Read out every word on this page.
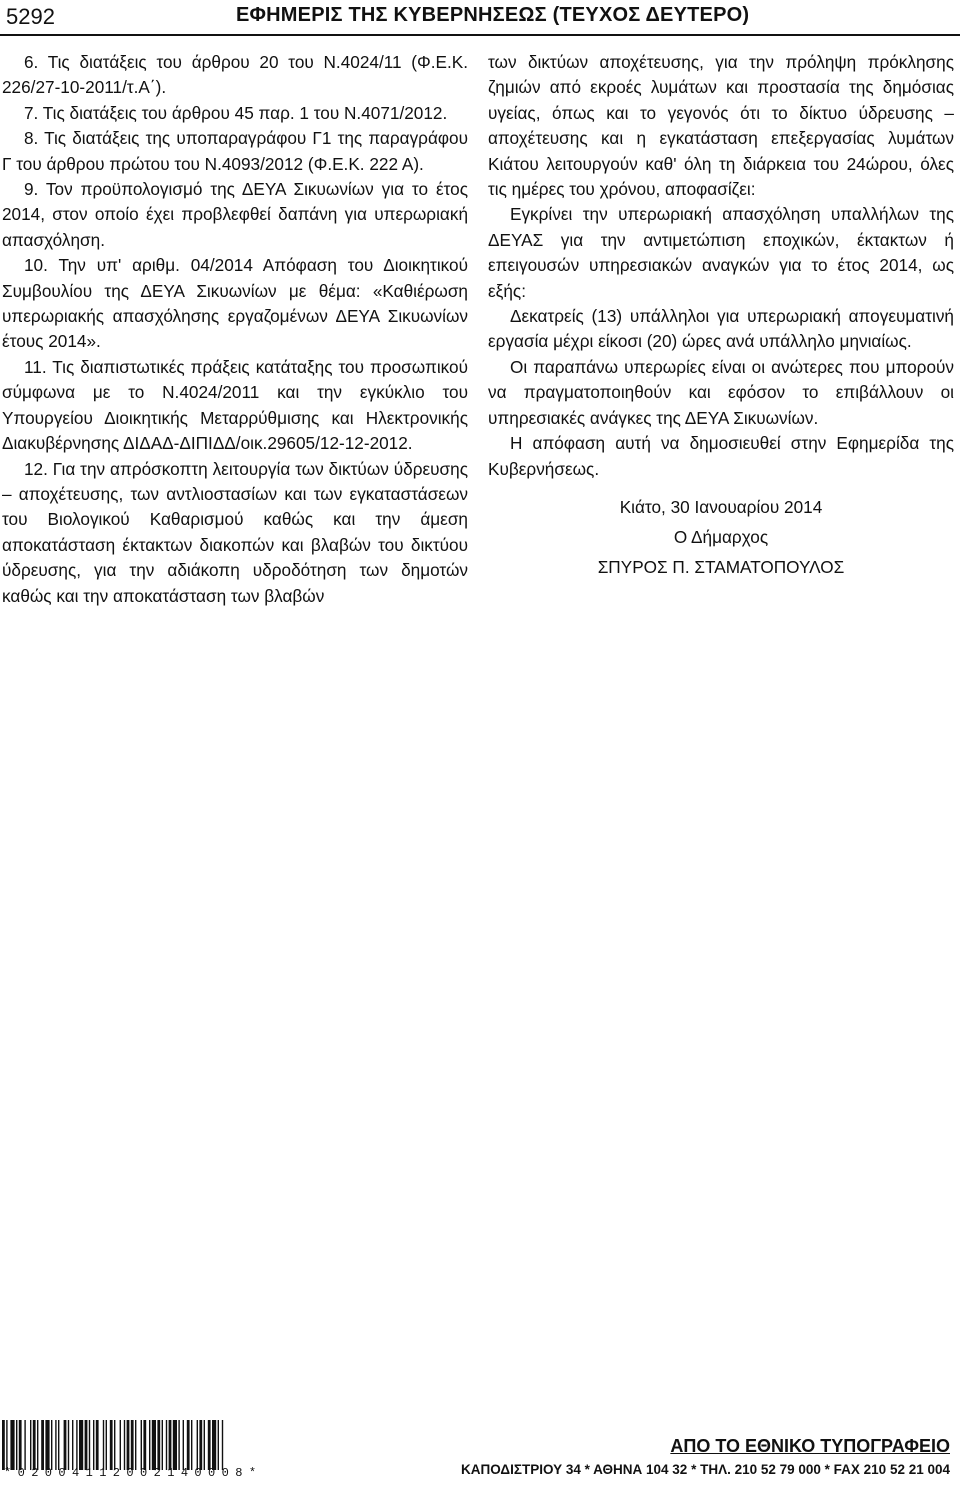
5292	ΕΦΗΜΕΡΙΣ ΤΗΣ ΚΥΒΕΡΝΗΣΕΩΣ (ΤΕΥΧΟΣ ΔΕΥΤΕΡΟ)

6. Τις διατάξεις του άρθρου 20 του Ν.4024/11 (Φ.Ε.Κ. 226/27-10-2011/τ.Α΄).

7. Τις διατάξεις του άρθρου 45 παρ. 1 του Ν.4071/2012.

8. Τις διατάξεις της υποπαραγράφου Γ1 της παραγράφου Γ του άρθρου πρώτου του Ν.4093/2012 (Φ.Ε.Κ. 222 Α).

9. Τον προϋπολογισμό της ΔΕΥΑ Σικυωνίων για το έτος 2014, στον οποίο έχει προβλεφθεί δαπάνη για υπερωριακή απασχόληση.

10. Την υπ' αριθμ. 04/2014 Απόφαση του Διοικητικού Συμβουλίου της ΔΕΥΑ Σικυωνίων με θέμα: «Καθιέρωση υπερωριακής απασχόλησης εργαζομένων ΔΕΥΑ Σικυωνίων έτους 2014».

11. Τις διαπιστωτικές πράξεις κατάταξης του προσωπικού σύμφωνα με το Ν.4024/2011 και την εγκύκλιο του Υπουργείου Διοικητικής Μεταρρύθμισης και Ηλεκτρονικής Διακυβέρνησης ΔΙΔΑΔ-ΔΙΠΙΔΔ/οικ.29605/12-12-2012.

12. Για την απρόσκοπτη λειτουργία των δικτύων ύδρευσης – αποχέτευσης, των αντλιοστασίων και των εγκαταστάσεων του Βιολογικού Καθαρισμού καθώς και την άμεση αποκατάσταση έκτακτων διακοπών και βλαβών του δικτύου ύδρευσης, για την αδιάκοπη υδροδότηση των δημοτών καθώς και την αποκατάσταση των βλαβών

των δικτύων αποχέτευσης, για την πρόληψη πρόκλησης ζημιών από εκροές λυμάτων και προστασία της δημόσιας υγείας, όπως και το γεγονός ότι το δίκτυο ύδρευσης – αποχέτευσης και η εγκατάσταση επεξεργασίας λυμάτων Κιάτου λειτουργούν καθ' όλη τη διάρκεια του 24ώρου, όλες τις ημέρες του χρόνου, αποφασίζει:

Εγκρίνει την υπερωριακή απασχόληση υπαλλήλων της ΔΕΥΑΣ για την αντιμετώπιση εποχικών, έκτακτων ή επειγουσών υπηρεσιακών αναγκών για το έτος 2014, ως εξής:

Δεκατρείς (13) υπάλληλοι για υπερωριακή απογευματινή εργασία μέχρι είκοσι (20) ώρες ανά υπάλληλο μηνιαίως.

Οι παραπάνω υπερωρίες είναι οι ανώτερες που μπορούν να πραγματοποιηθούν και εφόσον το επιβάλλουν οι υπηρεσιακές ανάγκες της ΔΕΥΑ Σικυωνίων.

Η απόφαση αυτή να δημοσιευθεί στην Εφημερίδα της Κυβερνήσεως.

Κιάτο, 30 Ιανουαρίου 2014
Ο Δήμαρχος
ΣΠΥΡΟΣ Π. ΣΤΑΜΑΤΟΠΟΥΛΟΣ
*02004112002140008*
ΑΠΟ ΤΟ ΕΘΝΙΚΟ ΤΥΠΟΓΡΑΦΕΙΟ
ΚΑΠΟΔΙΣΤΡΙΟΥ 34 * ΑΘΗΝΑ 104 32 * ΤΗΛ. 210 52 79 000 * FAX 210 52 21 004
